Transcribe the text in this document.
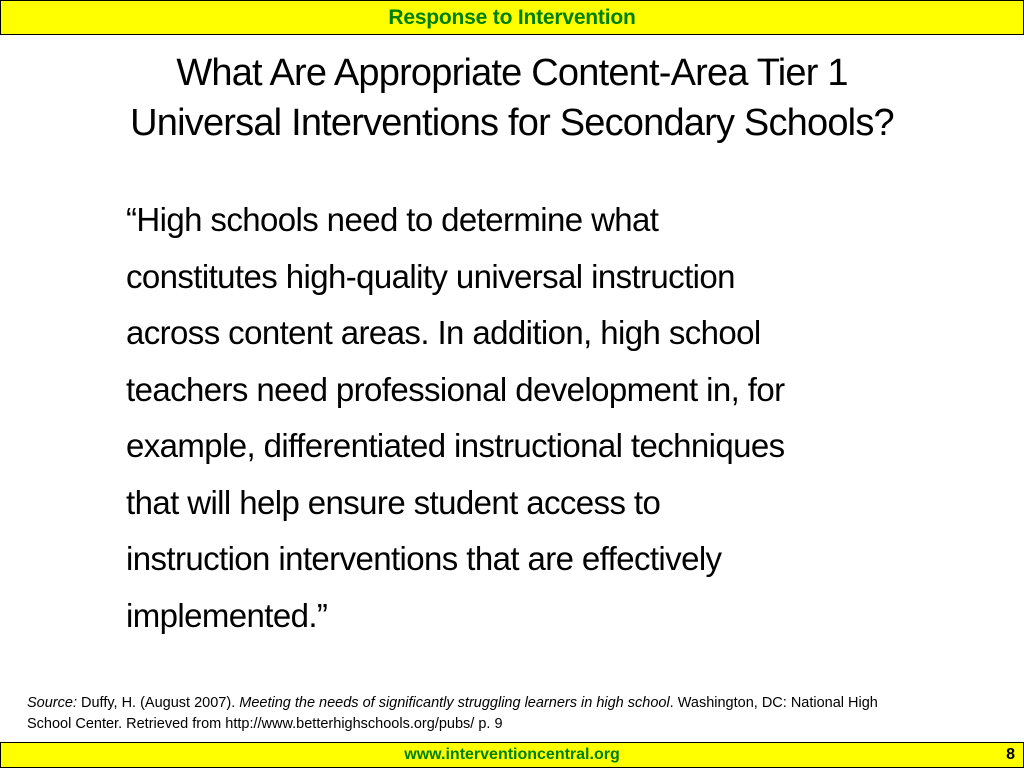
Response to Intervention
What Are Appropriate Content-Area Tier 1
Universal Interventions for Secondary Schools?
“High schools need to determine what
constitutes high-quality universal instruction
across content areas. In addition, high school
teachers need professional development in, for
example, differentiated instructional techniques
that will help ensure student access to
instruction interventions that are effectively
implemented.”
Source: Duffy, H. (August 2007). Meeting the needs of significantly struggling learners in high school. Washington, DC: National High
School Center. Retrieved from http://www.betterhighschools.org/pubs/ p. 9
www.interventioncentral.org	8
